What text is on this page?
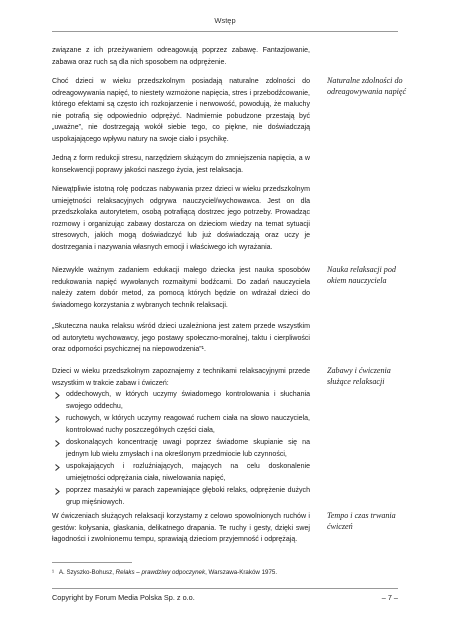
Wstęp

związane z ich przeżywaniem odreagowują poprzez zabawę. Fantazjowanie, zabawa oraz ruch są dla nich sposobem na odprężenie.

Choć dzieci w wieku przedszkolnym posiadają naturalne zdolności do odreagowywania napięć, to niestety wzmożone napięcia, stres i przebodźcowanie, którego efektami są często ich rozkojarzenie i nerwowość, powodują, że maluchy nie potrafią się odpowiednio odprężyć. Nadmiernie pobudzone przestają być „uważne”, nie dostrzegają wokół siebie tego, co piękne, nie doświadczają uspokajającego wpływu natury na swoje ciało i psychikę.

Jedną z form redukcji stresu, narzędziem służącym do zmniejszenia napięcia, a w konsekwencji poprawy jakości naszego życia, jest relaksacja.

Niewątpliwie istotną rolę podczas nabywania przez dzieci w wieku przedszkolnym umiejętności relaksacyjnych odgrywa nauczyciel/wychowawca. Jest on dla przedszkolaka autorytetem, osobą potrafiącą dostrzec jego potrzeby. Prowadząc rozmowy i organizując zabawy dostarcza on dzieciom wiedzy na temat sytuacji stresowych, jakich mogą doświadczyć lub już doświadczają oraz uczy je dostrzegania i nazywania własnych emocji i właściwego ich wyrażania.

Niezwykle ważnym zadaniem edukacji małego dziecka jest nauka sposobów redukowania napięć wywołanych rozmaitymi bodźcami. Do zadań nauczyciela należy zatem dobór metod, za pomocą których będzie on wdrażał dzieci do świadomego korzystania z wybranych technik relaksacji.

„Skuteczna nauka relaksu wśród dzieci uzależniona jest zatem przede wszystkim od autorytetu wychowawcy, jego postawy społeczno-moralnej, taktu i cierpliwości oraz odporności psychicznej na niepowodzenia”¹.

Dzieci w wieku przedszkolnym zapoznajemy z technikami relaksacyjnymi przede wszystkim w trakcie zabaw i ćwiczeń:

oddechowych, w których uczymy świadomego kontrolowania i słuchania swojego oddechu,
ruchowych, w których uczymy reagować ruchem ciała na słowo nauczyciela, kontrolować ruchy poszczególnych części ciała,
doskonalących koncentrację uwagi poprzez świadome skupianie się na jednym lub wielu zmysłach i na określonym przedmiocie lub czynności,
uspokajających i rozluźniających, mających na celu doskonalenie umiejętności odprężania ciała, niwelowania napięć,
poprzez masażyki w parach zapewniające głęboki relaks, odprężenie dużych grup mięśniowych.

W ćwiczeniach służących relaksacji korzystamy z celowo spowolnionych ruchów i gestów: kołysania, głaskania, delikatnego drapania. Te ruchy i gesty, dzięki swej łagodności i zwolnionemu tempu, sprawiają dzieciom przyjemność i odprężają.

Naturalne zdolności do odreagowywania napięć
Nauka relaksacji pod okiem nauczyciela
Zabawy i ćwiczenia służące relaksacji
Tempo i czas trwania ćwiczeń
¹ A. Szyszko-Bohusz, Relaks – prawdziwy odpoczynek, Warszawa-Kraków 1975.
Copyright by Forum Media Polska Sp. z o.o.	– 7 –
